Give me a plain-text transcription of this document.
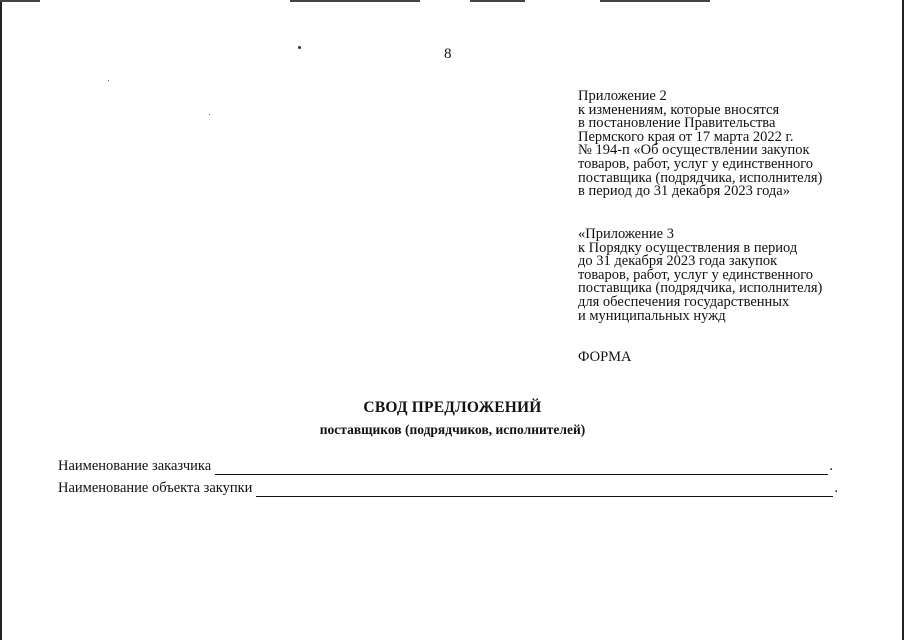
8
Приложение 2
к изменениям, которые вносятся
в постановление Правительства
Пермского края от 17 марта 2022 г.
№ 194-п «Об осуществлении закупок
товаров, работ, услуг у единственного
поставщика (подрядчика, исполнителя)
в период до 31 декабря 2023 года»
«Приложение 3
к Порядку осуществления в период
до 31 декабря 2023 года закупок
товаров, работ, услуг у единственного
поставщика (подрядчика, исполнителя)
для обеспечения государственных
и муниципальных нужд
ФОРМА
СВОД ПРЕДЛОЖЕНИЙ
поставщиков (подрядчиков, исполнителей)
Наименование заказчика	.
Наименование объекта закупки	.
